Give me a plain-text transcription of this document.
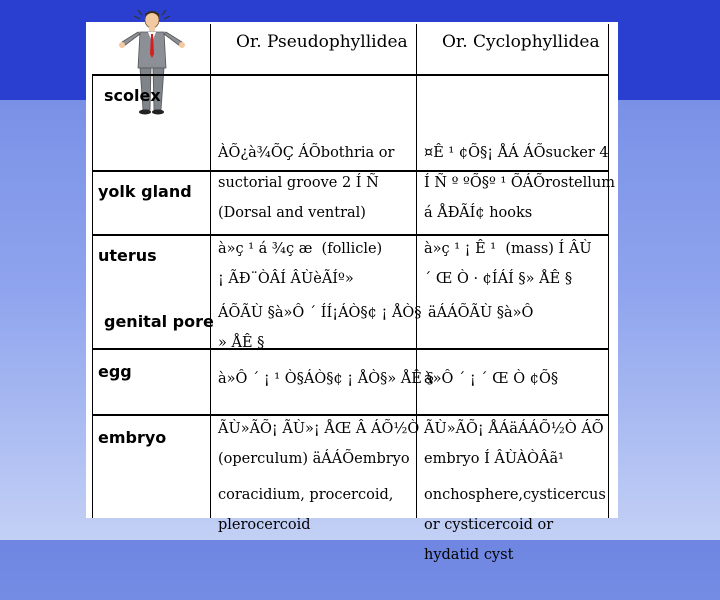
Or. Pseudophyllidea Or. Cyclophyllidea
scolex
yolk gland
uterus
genital pore
egg
embryo

ÀÕ¿à¾ÕÇ ÁÕbothria or
suctorial groove 2 Í Ñ
(Dorsal and ventral)

¤Ê ¹ ¢Õ§¡ ÅÁ ÁÕsucker 4
Í Ñ º ºÕ§º ¹ ÕÁÕrostellum
á ÅÐÃÍ¢ hooks

à»ç ¹ á ¾ç æ  (follicle)
¡ ÃÐ¨ÒÂÍ ÂÙèÃÍº»

à»ç ¹ ¡ Ê ¹  (mass) Í ÂÙ
´ Œ Ò · ¢ÍÁÍ §» ÅÊ §

ÁÕÃÙ §à»Ô ´ ÍÍ¡ÁÒ§¢ ¡ ÅÒ§
» ÅÊ §

äÁÁÕÃÙ §à»Ô

à»Ô ´ ¡ ¹ Ò§ÁÒ§¢ ¡ ÅÒ§» ÅÊ §

à»Ô ´ ¡ ´ Œ Ò ¢Õ§

ÃÙ»ÃÕ¡ ÃÙ»¡ ÅŒ Â ÁÕ½Ò
(operculum) äÁÁÕembryo

ÃÙ»ÃÕ¡ ÅÁäÁÁÕ½Ò ÁÕ
embryo Í ÂÙÀÒÂã¹

coracidium, procercoid,
plerocercoid

onchosphere,cysticercus
or cysticercoid or
hydatid cyst
